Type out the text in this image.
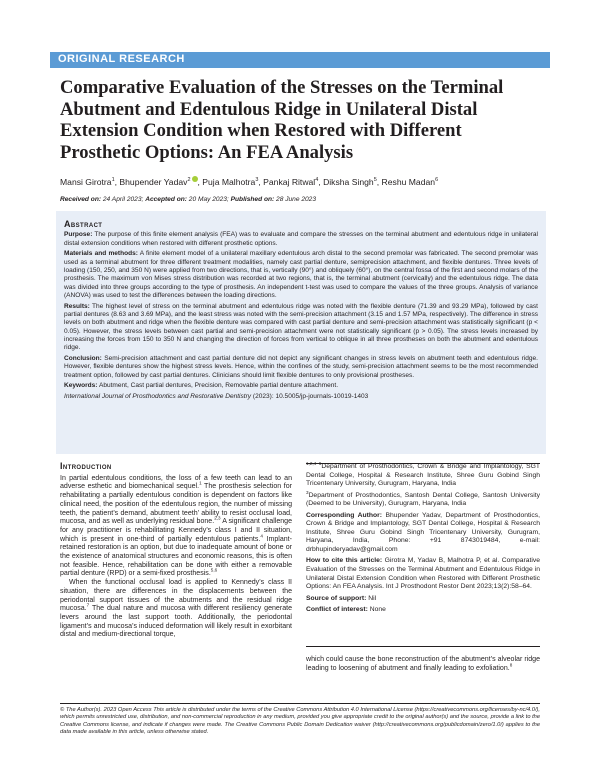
ORIGINAL RESEARCH
Comparative Evaluation of the Stresses on the Terminal Abutment and Edentulous Ridge in Unilateral Distal Extension Condition when Restored with Different Prosthetic Options: An FEA Analysis
Mansi Girotra$^1$, Bhupender Yadav$^2$ , Puja Malhotra$^3$, Pankaj Ritwal$^4$, Diksha Singh$^5$, Reshu Madan$^6$
Received on: 24 April 2023; Accepted on: 20 May 2023; Published on: 28 June 2023
Abstract

Purpose: The purpose of this finite element analysis (FEA) was to evaluate and compare the stresses on the terminal abutment and edentulous ridge in unilateral distal extension conditions when restored with different prosthetic options.

Materials and methods: A finite element model of a unilateral maxillary edentulous arch distal to the second premolar was fabricated. The second premolar was used as a terminal abutment for three different treatment modalities, namely cast partial denture, semiprecision attachment, and flexible dentures. Three levels of loading (150, 250, and 350 N) were applied from two directions, that is, vertically (90°) and obliquely (60°), on the central fossa of the first and second molars of the prosthesis. The maximum von Mises stress distribution was recorded at two regions, that is, the terminal abutment (cervically) and the edentulous ridge. The data was divided into three groups according to the type of prosthesis. An independent t-test was used to compare the values of the three groups. Analysis of variance (ANOVA) was used to test the differences between the loading directions.

Results: The highest level of stress on the terminal abutment and edentulous ridge was noted with the flexible denture (71.39 and 93.29 MPa), followed by cast partial dentures (8.63 and 3.69 MPa), and the least stress was noted with the semi-precision attachment (3.15 and 1.57 MPa, respectively). The difference in stress levels on both abutment and ridge when the flexible denture was compared with cast partial denture and semi-precision attachment was statistically significant (p < 0.05). However, the stress levels between cast partial and semi-precision attachment were not statistically significant (p > 0.05). The stress levels increased by increasing the forces from 150 to 350 N and changing the direction of forces from vertical to oblique in all three prostheses on both the abutment and edentulous ridge.

Conclusion: Semi-precision attachment and cast partial denture did not depict any significant changes in stress levels on abutment teeth and edentulous ridge. However, flexible dentures show the highest stress levels. Hence, within the confines of the study, semi-precision attachment seems to be the most recommended treatment option, followed by cast partial dentures. Clinicians should limit flexible dentures to only provisional prostheses.

Keywords: Abutment, Cast partial dentures, Precision, Removable partial denture attachment.

International Journal of Prosthodontics and Restorative Dentistry (2023): 10.5005/jp-journals-10019-1403

Introduction

In partial edentulous conditions, the loss of a few teeth can lead to an adverse esthetic and biomechanical sequel.$^1$ The prosthesis selection for rehabilitating a partially edentulous condition is dependent on factors like clinical need, the position of the edentulous region, the number of missing teeth, the patient’s demand, abutment teeth’ ability to resist occlusal load, mucosa, and as well as underlying residual bone.$^{2,3}$ A significant challenge for any practitioner is rehabilitating Kennedy’s class I and II situation, which is present in one-third of partially edentulous patients.$^4$ Implant-retained restoration is an option, but due to inadequate amount of bone or the existence of anatomical structures and economic reasons, this is often not feasible. Hence, rehabilitation can be done with either a removable partial denture (RPD) or a semi-fixed prosthesis.$^{5,6}$

When the functional occlusal load is applied to Kennedy’s class II situation, there are differences in the displacements between the periodontal support tissues of the abutments and the residual ridge mucosa.$^7$ The dual nature and mucosa with different resiliency generate levers around the last support tooth. Additionally, the periodontal ligament’s and mucosa’s induced deformation will likely result in exorbitant distal and medium-directional torque,

$^{1,2,4-6}$Department of Prosthodontics, Crown & Bridge and Implantology, SGT Dental College, Hospital & Research Institute, Shree Guru Gobind Singh Tricentenary University, Gurugram, Haryana, India

$^3$Department of Prosthodontics, Santosh Dental College, Santosh University (Deemed to be University), Gurugram, Haryana, India

Corresponding Author: Bhupender Yadav, Department of Prosthodontics, Crown & Bridge and Implantology, SGT Dental College, Hospital & Research Institute, Shree Guru Gobind Singh Tricentenary University, Gurugram, Haryana, India, Phone: +91 8743019484, e-mail: drbhupinderyadav@gmail.com

How to cite this article: Girotra M, Yadav B, Malhotra P, et al. Comparative Evaluation of the Stresses on the Terminal Abutment and Edentulous Ridge in Unilateral Distal Extension Condition when Restored with Different Prosthetic Options: An FEA Analysis. Int J Prosthodont Restor Dent 2023;13(2):58–64.

Source of support: Nil

Conflict of interest: None

which could cause the bone reconstruction of the abutment’s alveolar ridge leading to loosening of abutment and finally leading to exfoliation.$^8$

© The Author(s). 2023 Open Access This article is distributed under the terms of the Creative Commons Attribution 4.0 International License (https://creativecommons.org/licenses/by-nc/4.0/), which permits unrestricted use, distribution, and non-commercial reproduction in any medium, provided you give appropriate credit to the original author(s) and the source, provide a link to the Creative Commons license, and indicate if changes were made. The Creative Commons Public Domain Dedication waiver (http://creativecommons.org/publicdomain/zero/1.0/) applies to the data made available in this article, unless otherwise stated.
